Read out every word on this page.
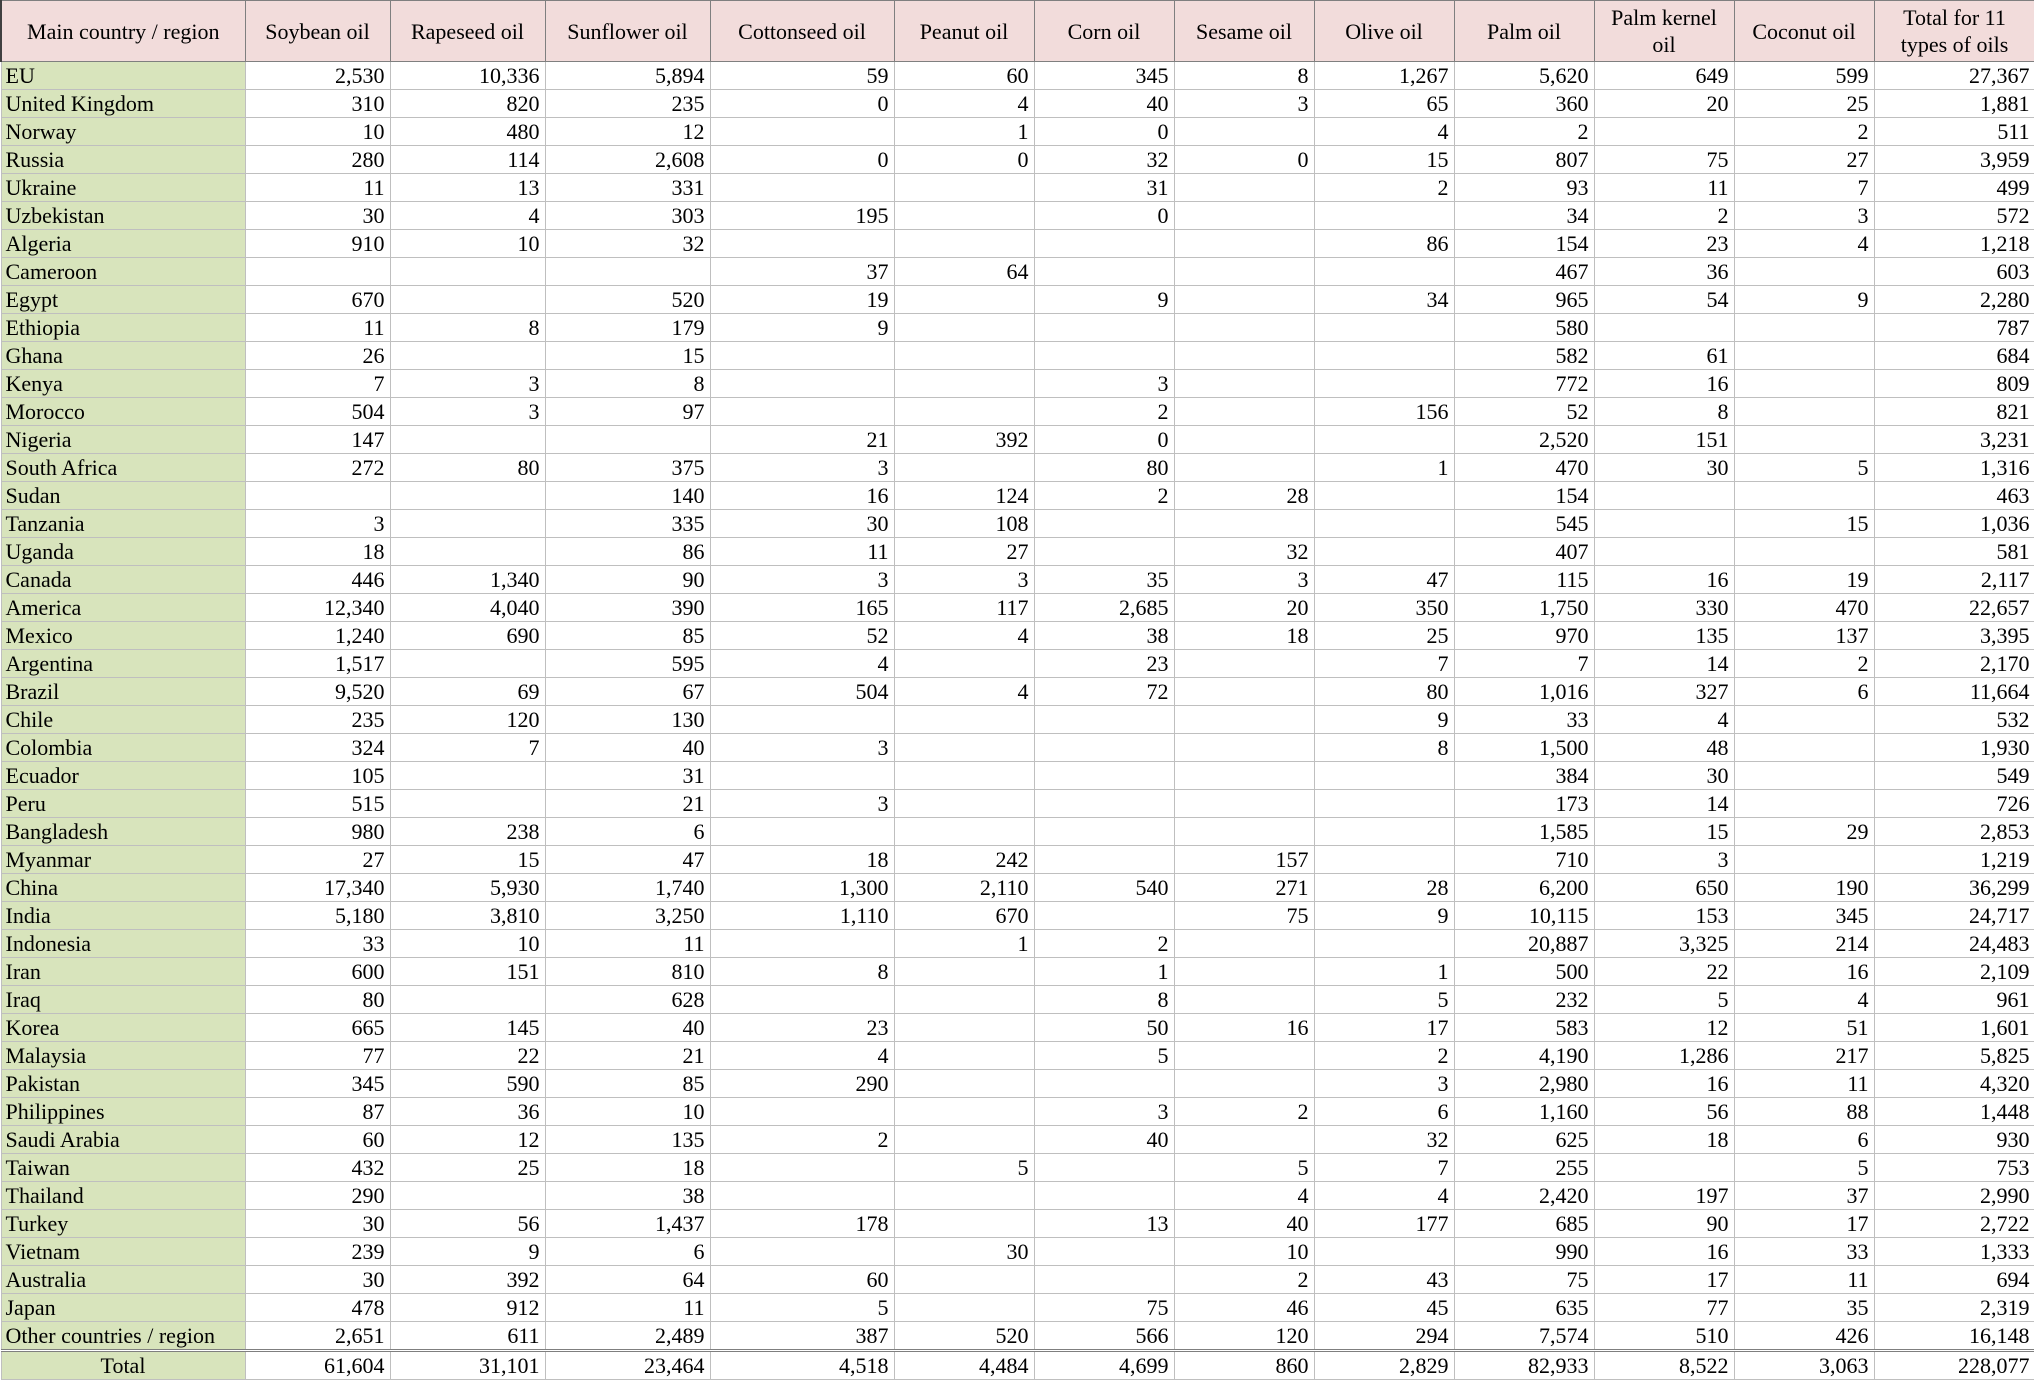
Main country / region	Soybean oil	Rapeseed oil	Sunflower oil	Cottonseed oil	Peanut oil	Corn oil	Sesame oil	Olive oil	Palm oil	Palm kernel oil	Coconut oil	Total for 11 types of oils
EU	2,530	10,336	5,894	59	60	345	8	1,267	5,620	649	599	27,367
United Kingdom	310	820	235	0	4	40	3	65	360	20	25	1,881
Norway	10	480	12		1	0		4	2		2	511
Russia	280	114	2,608	0	0	32	0	15	807	75	27	3,959
Ukraine	11	13	331			31		2	93	11	7	499
Uzbekistan	30	4	303	195		0			34	2	3	572
Algeria	910	10	32					86	154	23	4	1,218
Cameroon				37	64				467	36		603
Egypt	670		520	19		9		34	965	54	9	2,280
Ethiopia	11	8	179	9					580			787
Ghana	26		15						582	61		684
Kenya	7	3	8			3			772	16		809
Morocco	504	3	97			2		156	52	8		821
Nigeria	147			21	392	0			2,520	151		3,231
South Africa	272	80	375	3		80		1	470	30	5	1,316
Sudan			140	16	124	2	28		154			463
Tanzania	3		335	30	108				545		15	1,036
Uganda	18		86	11	27		32		407			581
Canada	446	1,340	90	3	3	35	3	47	115	16	19	2,117
America	12,340	4,040	390	165	117	2,685	20	350	1,750	330	470	22,657
Mexico	1,240	690	85	52	4	38	18	25	970	135	137	3,395
Argentina	1,517		595	4		23		7	7	14	2	2,170
Brazil	9,520	69	67	504	4	72		80	1,016	327	6	11,664
Chile	235	120	130					9	33	4		532
Colombia	324	7	40	3				8	1,500	48		1,930
Ecuador	105		31						384	30		549
Peru	515		21	3					173	14		726
Bangladesh	980	238	6						1,585	15	29	2,853
Myanmar	27	15	47	18	242		157		710	3		1,219
China	17,340	5,930	1,740	1,300	2,110	540	271	28	6,200	650	190	36,299
India	5,180	3,810	3,250	1,110	670		75	9	10,115	153	345	24,717
Indonesia	33	10	11		1	2			20,887	3,325	214	24,483
Iran	600	151	810	8		1		1	500	22	16	2,109
Iraq	80		628			8		5	232	5	4	961
Korea	665	145	40	23		50	16	17	583	12	51	1,601
Malaysia	77	22	21	4		5		2	4,190	1,286	217	5,825
Pakistan	345	590	85	290				3	2,980	16	11	4,320
Philippines	87	36	10			3	2	6	1,160	56	88	1,448
Saudi Arabia	60	12	135	2		40		32	625	18	6	930
Taiwan	432	25	18		5		5	7	255		5	753
Thailand	290		38				4	4	2,420	197	37	2,990
Turkey	30	56	1,437	178		13	40	177	685	90	17	2,722
Vietnam	239	9	6		30		10		990	16	33	1,333
Australia	30	392	64	60			2	43	75	17	11	694
Japan	478	912	11	5		75	46	45	635	77	35	2,319
Other countries / region	2,651	611	2,489	387	520	566	120	294	7,574	510	426	16,148
Total	61,604	31,101	23,464	4,518	4,484	4,699	860	2,829	82,933	8,522	3,063	228,077
